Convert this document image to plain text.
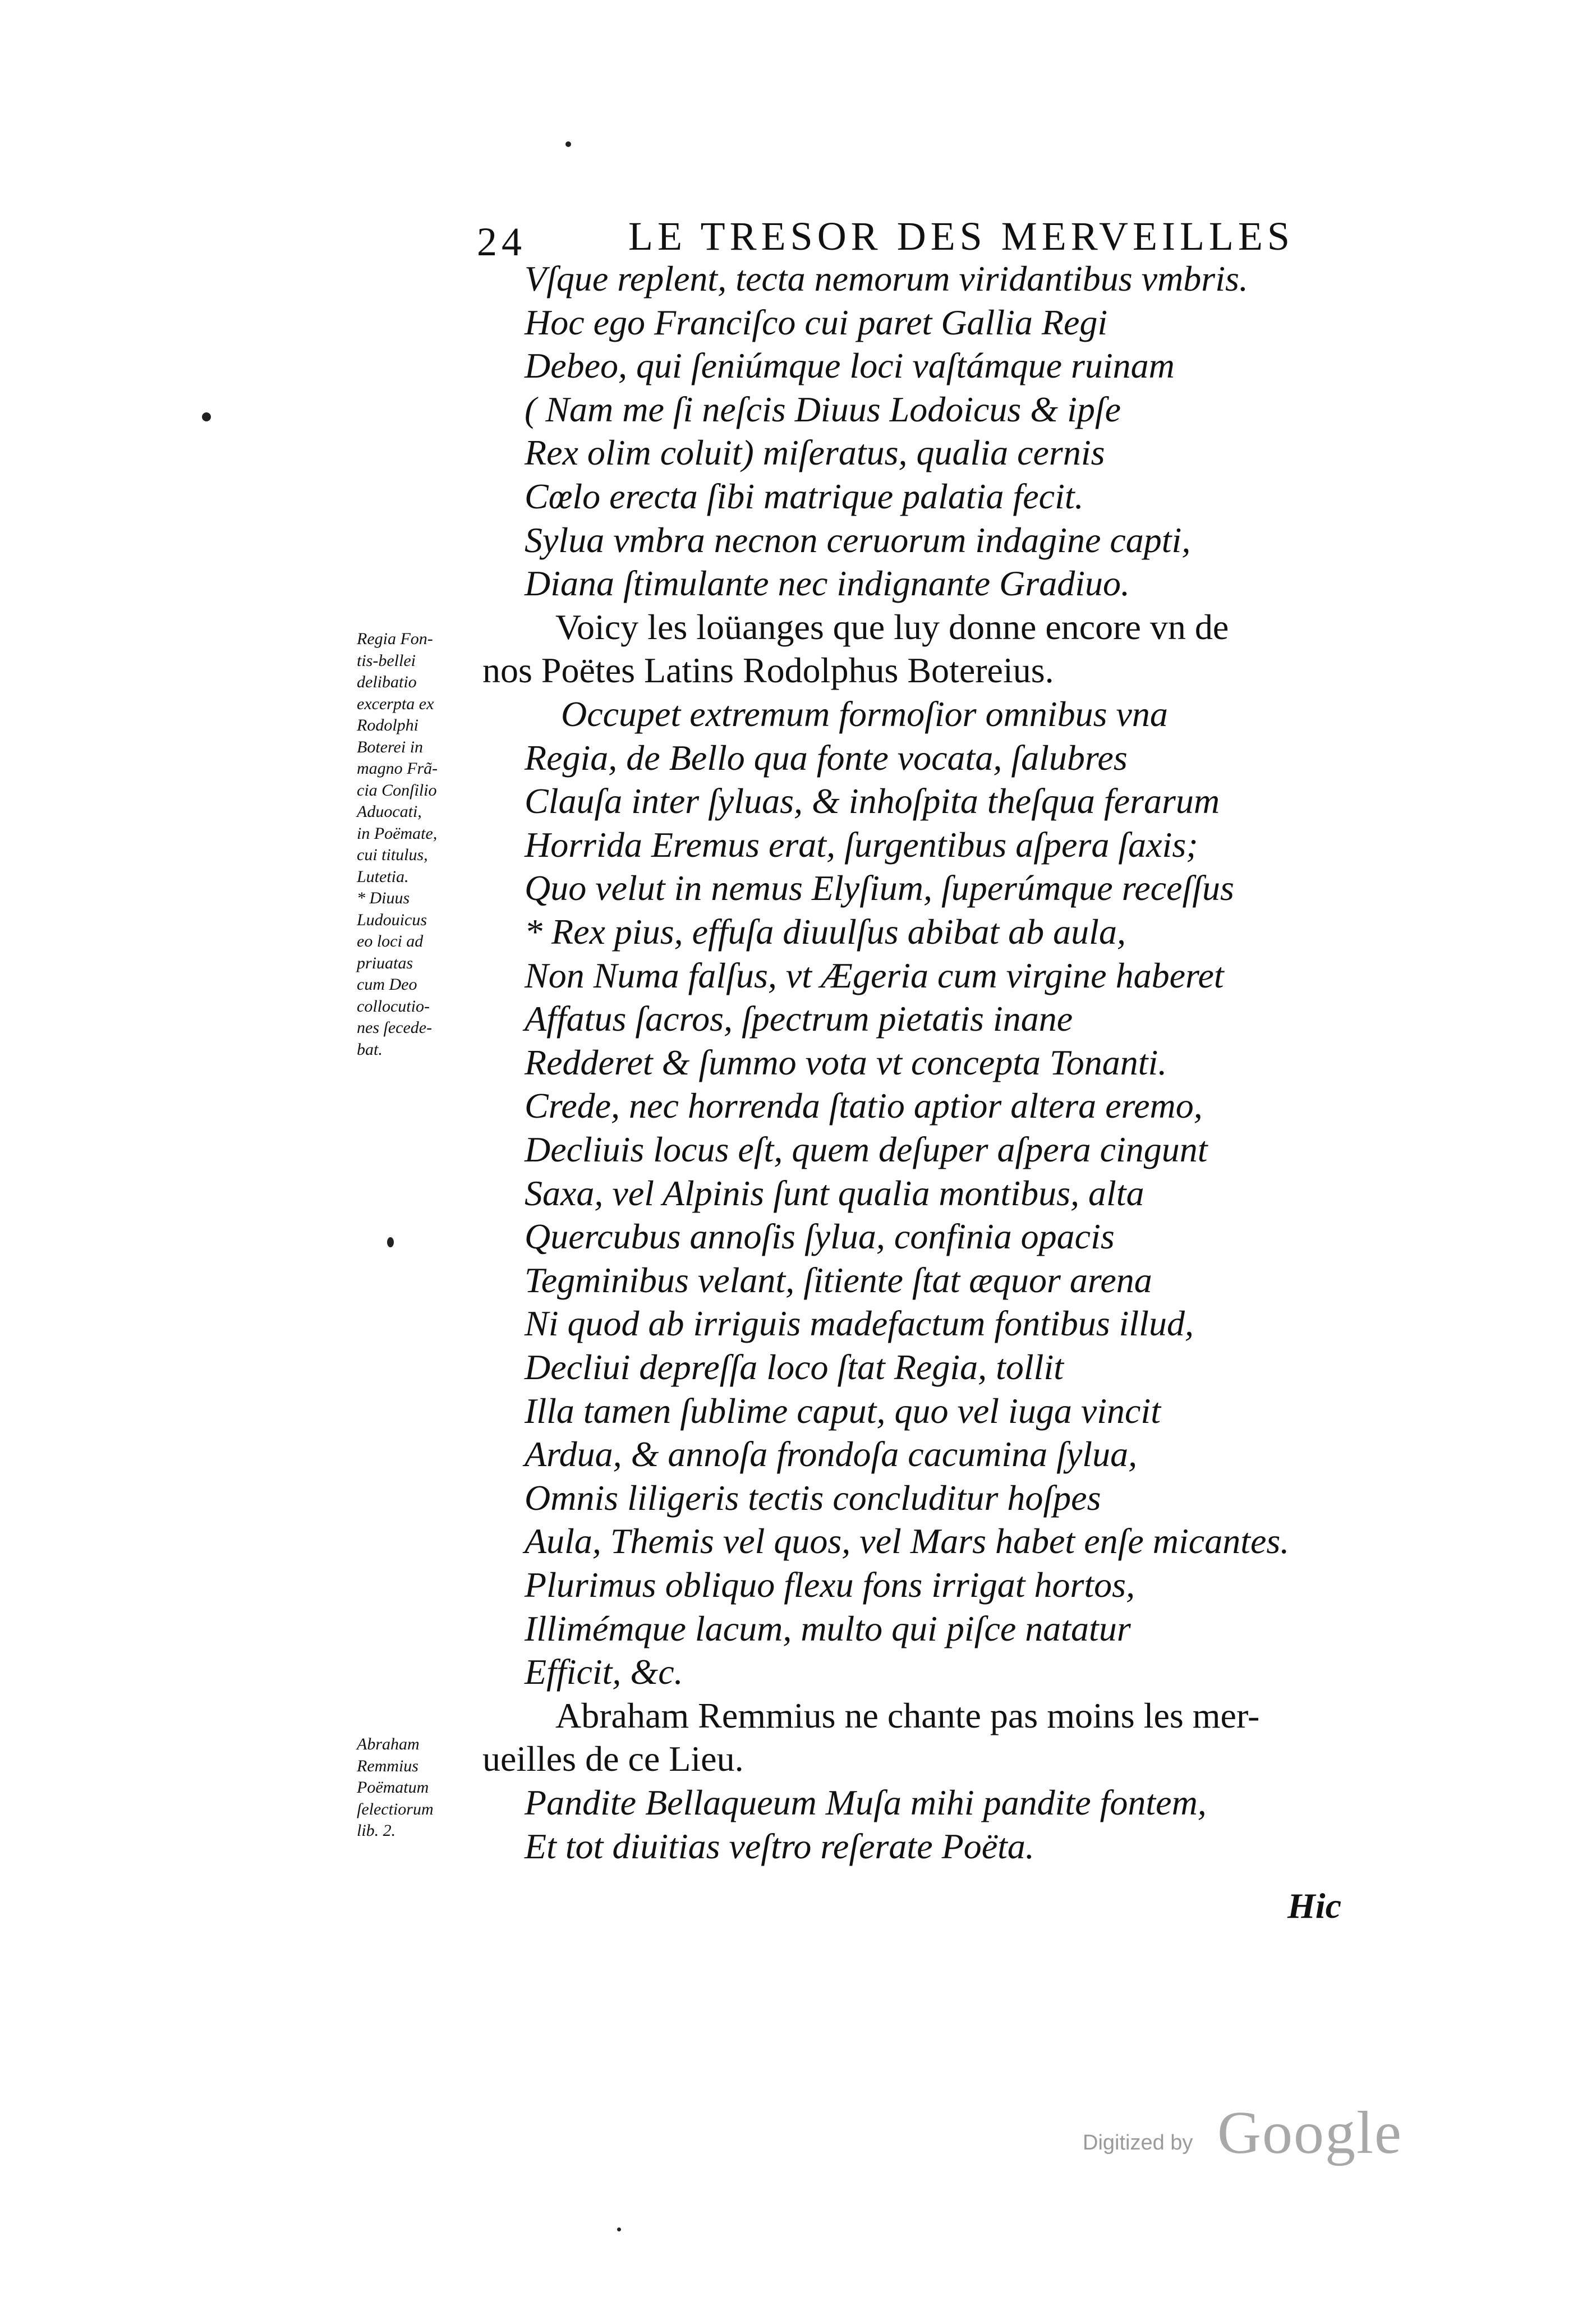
24	LE TRESOR DES MERVEILLES
Vſque replent, tecta nemorum viridantibus vmbris.
Hoc ego Franciſco cui paret Gallia Regi
Debeo, qui ſeniúmque loci vaſtámque ruinam
( Nam me ſi neſcis Diuus Lodoicus & ipſe
Rex olim coluit) miſeratus, qualia cernis
Cœlo erecta ſibi matrique palatia fecit.
Sylua vmbra necnon ceruorum indagine capti,
Diana ſtimulante nec indignante Gradiuo.
Voicy les loüanges que luy donne encore vn de
nos Poëtes Latins Rodolphus Botereius.
Occupet extremum formoſior omnibus vna
Regia, de Bello qua fonte vocata, ſalubres
Clauſa inter ſyluas, & inhoſpita theſqua ferarum
Horrida Eremus erat, ſurgentibus aſpera ſaxis;
Quo velut in nemus Elyſium, ſuperúmque receſſus
* Rex pius, effuſa diuulſus abibat ab aula,
Non Numa falſus, vt Ægeria cum virgine haberet
Affatus ſacros, ſpectrum pietatis inane
Redderet & ſummo vota vt concepta Tonanti.
Crede, nec horrenda ſtatio aptior altera eremo,
Decliuis locus eſt, quem deſuper aſpera cingunt
Saxa, vel Alpinis ſunt qualia montibus, alta
Quercubus annoſis ſylua, confinia opacis
Tegminibus velant, ſitiente ſtat æquor arena
Ni quod ab irriguis madefactum fontibus illud,
Decliui depreſſa loco ſtat Regia, tollit
Illa tamen ſublime caput, quo vel iuga vincit
Ardua, & annoſa frondoſa cacumina ſylua,
Omnis liligeris tectis concluditur hoſpes
Aula, Themis vel quos, vel Mars habet enſe micantes.
Plurimus obliquo flexu fons irrigat hortos,
Illimémque lacum, multo qui piſce natatur
Efficit, &c.
Abraham Remmius ne chante pas moins les mer-
ueilles de ce Lieu.
Pandite Bellaqueum Muſa mihi pandite fontem,
Et tot diuitias veſtro reſerate Poëta.
Regia Fon-
tis-bellei
delibatio
excerpta ex
Rodolphi
Boterei in
magno Frã-
cia Conſilio
Aduocati,
in Poëmate,
cui titulus,
Lutetia.
* Diuus
Ludouicus
eo loci ad
priuatas
cum Deo
collocutio-
nes ſecede-
bat.
Abraham
Remmius
Poëmatum
ſelectiorum
lib. 2.
Hic
Digitized by Google
